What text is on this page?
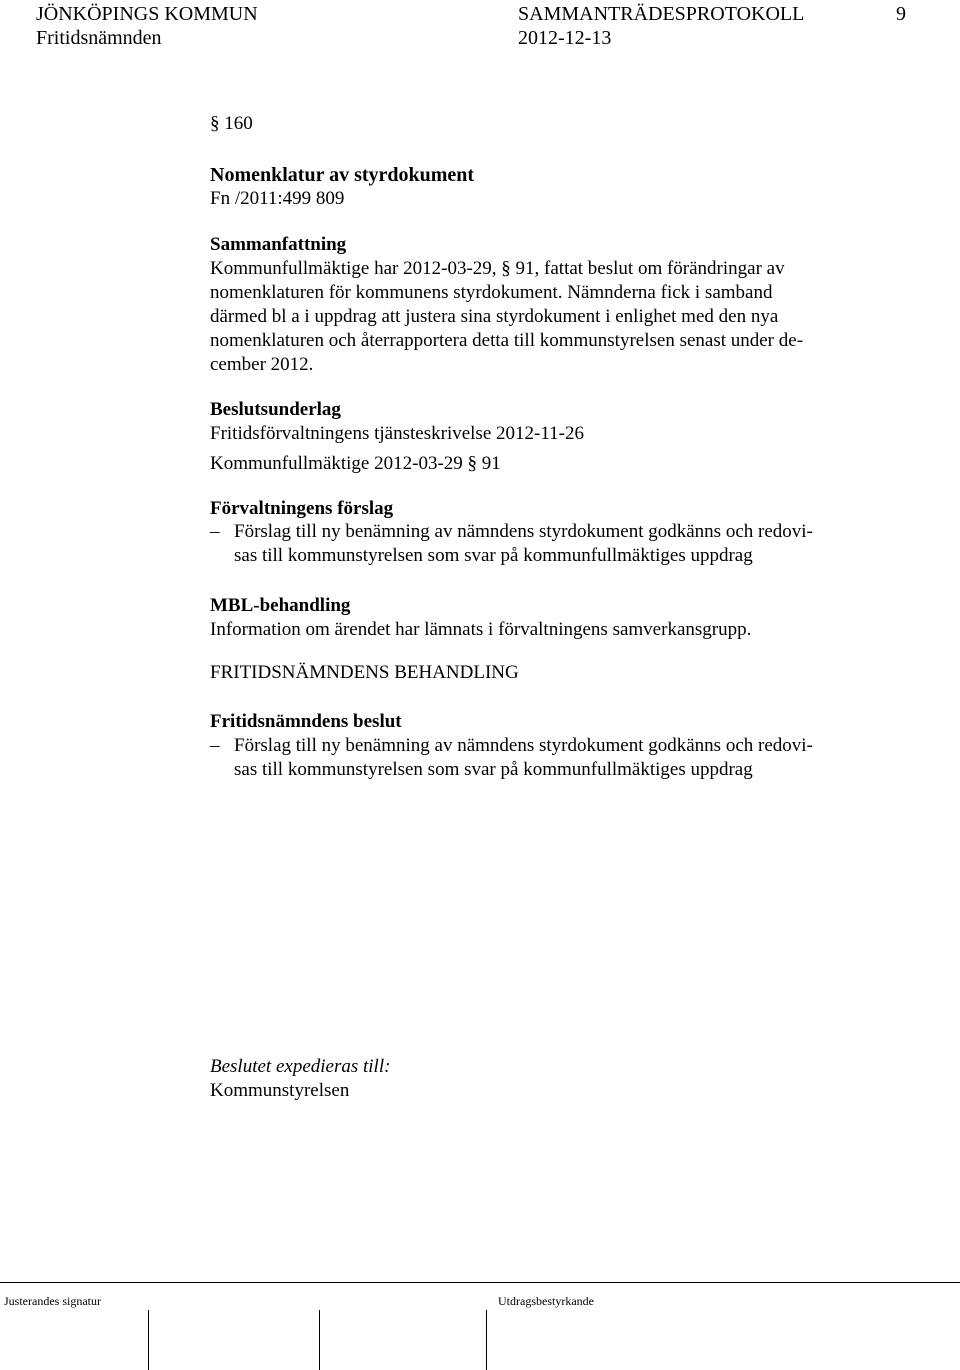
JÖNKÖPINGS KOMMUN	SAMMANTRÄDESPROTOKOLL	9
Fritidsnämnden	2012-12-13
§ 160
Nomenklatur av styrdokument
Fn /2011:499 809
Sammanfattning
Kommunfullmäktige har 2012-03-29, § 91, fattat beslut om förändringar av
nomenklaturen för kommunens styrdokument. Nämnderna fick i samband
därmed bl a i uppdrag att justera sina styrdokument i enlighet med den nya
nomenklaturen och återrapportera detta till kommunstyrelsen senast under de-
cember 2012.
Beslutsunderlag
Fritidsförvaltningens tjänsteskrivelse 2012-11-26
Kommunfullmäktige 2012-03-29 § 91
Förvaltningens förslag
– Förslag till ny benämning av nämndens styrdokument godkänns och redovi-
sas till kommunstyrelsen som svar på kommunfullmäktiges uppdrag
MBL-behandling
Information om ärendet har lämnats i förvaltningens samverkansgrupp.
FRITIDSNÄMNDENS BEHANDLING
Fritidsnämndens beslut
– Förslag till ny benämning av nämndens styrdokument godkänns och redovi-
sas till kommunstyrelsen som svar på kommunfullmäktiges uppdrag
Beslutet expedieras till:
Kommunstyrelsen
Justerandes signatur	Utdragsbestyrkande
